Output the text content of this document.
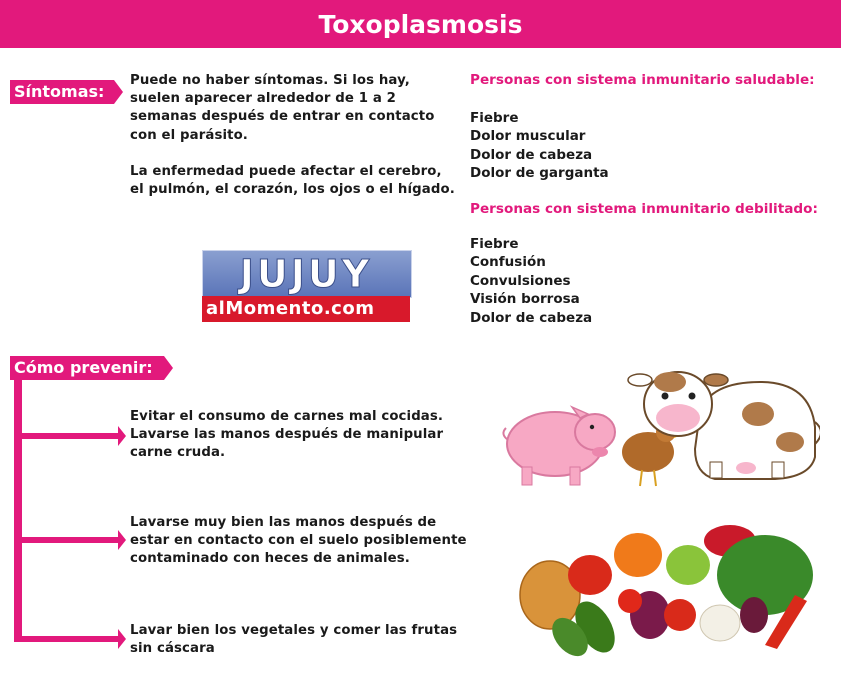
Toxoplasmosis
Síntomas:
Puede no haber síntomas. Si los hay,
suelen aparecer alrededor de 1 a 2
semanas después de entrar en contacto
con el parásito.
La enfermedad puede afectar el cerebro,
el pulmón, el corazón, los ojos o el hígado.
Personas con sistema inmunitario saludable:
Fiebre
Dolor muscular
Dolor de cabeza
Dolor de garganta
Personas con sistema inmunitario debilitado:
Fiebre
Confusión
Convulsiones
Visión borrosa
Dolor de cabeza
JUJUY
alMomento.com
Cómo prevenir:
Evitar el consumo de carnes mal cocidas.
Lavarse las manos después de manipular
carne cruda.
Lavarse muy bien las manos después de
estar en contacto con el suelo posiblemente
contaminado con heces de animales.
Lavar bien los vegetales y comer las frutas
sin cáscara
